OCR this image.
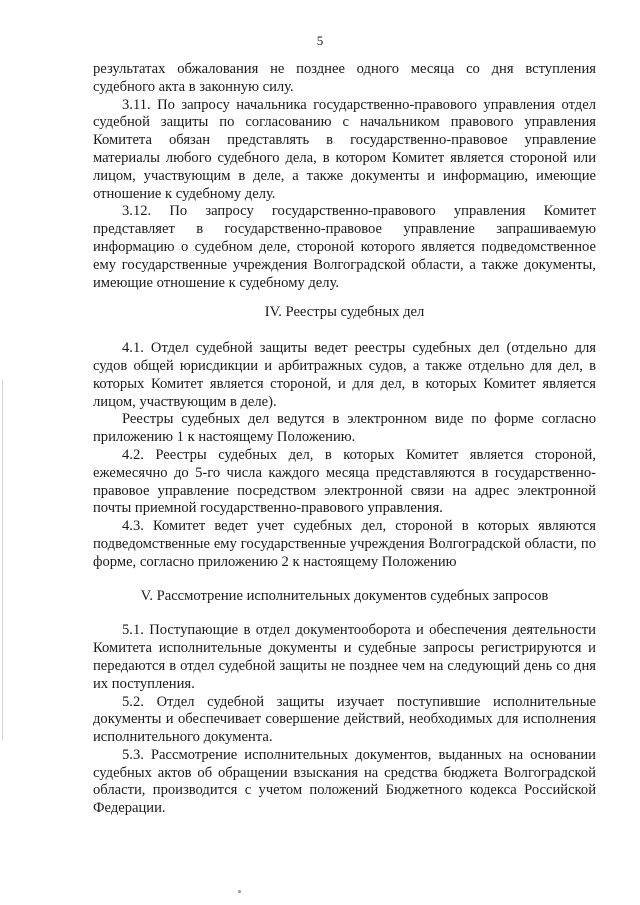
5

результатах обжалования не позднее одного месяца со дня вступления судебного акта в законную силу.

3.11. По запросу начальника государственно-правового управления отдел судебной защиты по согласованию с начальником правового управления Комитета обязан представлять в государственно-правовое управление материалы любого судебного дела, в котором Комитет является стороной или лицом, участвующим в деле, а также документы и информацию, имеющие отношение к судебному делу.

3.12. По запросу государственно-правового управления Комитет представляет в государственно-правовое управление запрашиваемую информацию о судебном деле, стороной которого является подведомственное ему государственные учреждения Волгоградской области, а также документы, имеющие отношение к судебному делу.

IV. Реестры судебных дел

4.1. Отдел судебной защиты ведет реестры судебных дел (отдельно для судов общей юрисдикции и арбитражных судов, а также отдельно для дел, в которых Комитет является стороной, и для дел, в которых Комитет является лицом, участвующим в деле).

Реестры судебных дел ведутся в электронном виде по форме согласно приложению 1 к настоящему Положению.

4.2. Реестры судебных дел, в которых Комитет является стороной, ежемесячно до 5-го числа каждого месяца представляются в государственно-правовое управление посредством электронной связи на адрес электронной почты приемной государственно-правового управления.

4.3. Комитет ведет учет судебных дел, стороной в которых являются подведомственные ему государственные учреждения Волгоградской области, по форме, согласно приложению 2 к настоящему Положению

V. Рассмотрение исполнительных документов судебных запросов

5.1. Поступающие в отдел документооборота и обеспечения деятельности Комитета исполнительные документы и судебные запросы регистрируются и передаются в отдел судебной защиты не позднее чем на следующий день со дня их поступления.

5.2. Отдел судебной защиты изучает поступившие исполнительные документы и обеспечивает совершение действий, необходимых для исполнения исполнительного документа.

5.3. Рассмотрение исполнительных документов, выданных на основании судебных актов об обращении взыскания на средства бюджета Волгоградской области, производится с учетом положений Бюджетного кодекса Российской Федерации.
